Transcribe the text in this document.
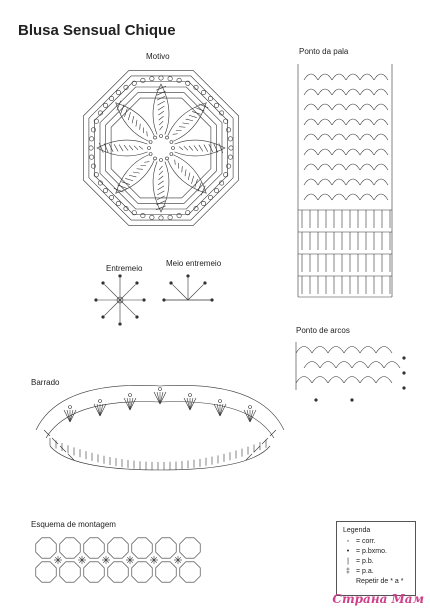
Blusa Sensual Chique
Motivo
Ponto da pala
Entremeio
Meio entremeio
Ponto de arcos
Barrado
Esquema de montagem
Legenda
◦ = corr.
• = p.bxmo.
|	= p.b.
‡ = p.a.
Repetir de * a *
Страна Мам
